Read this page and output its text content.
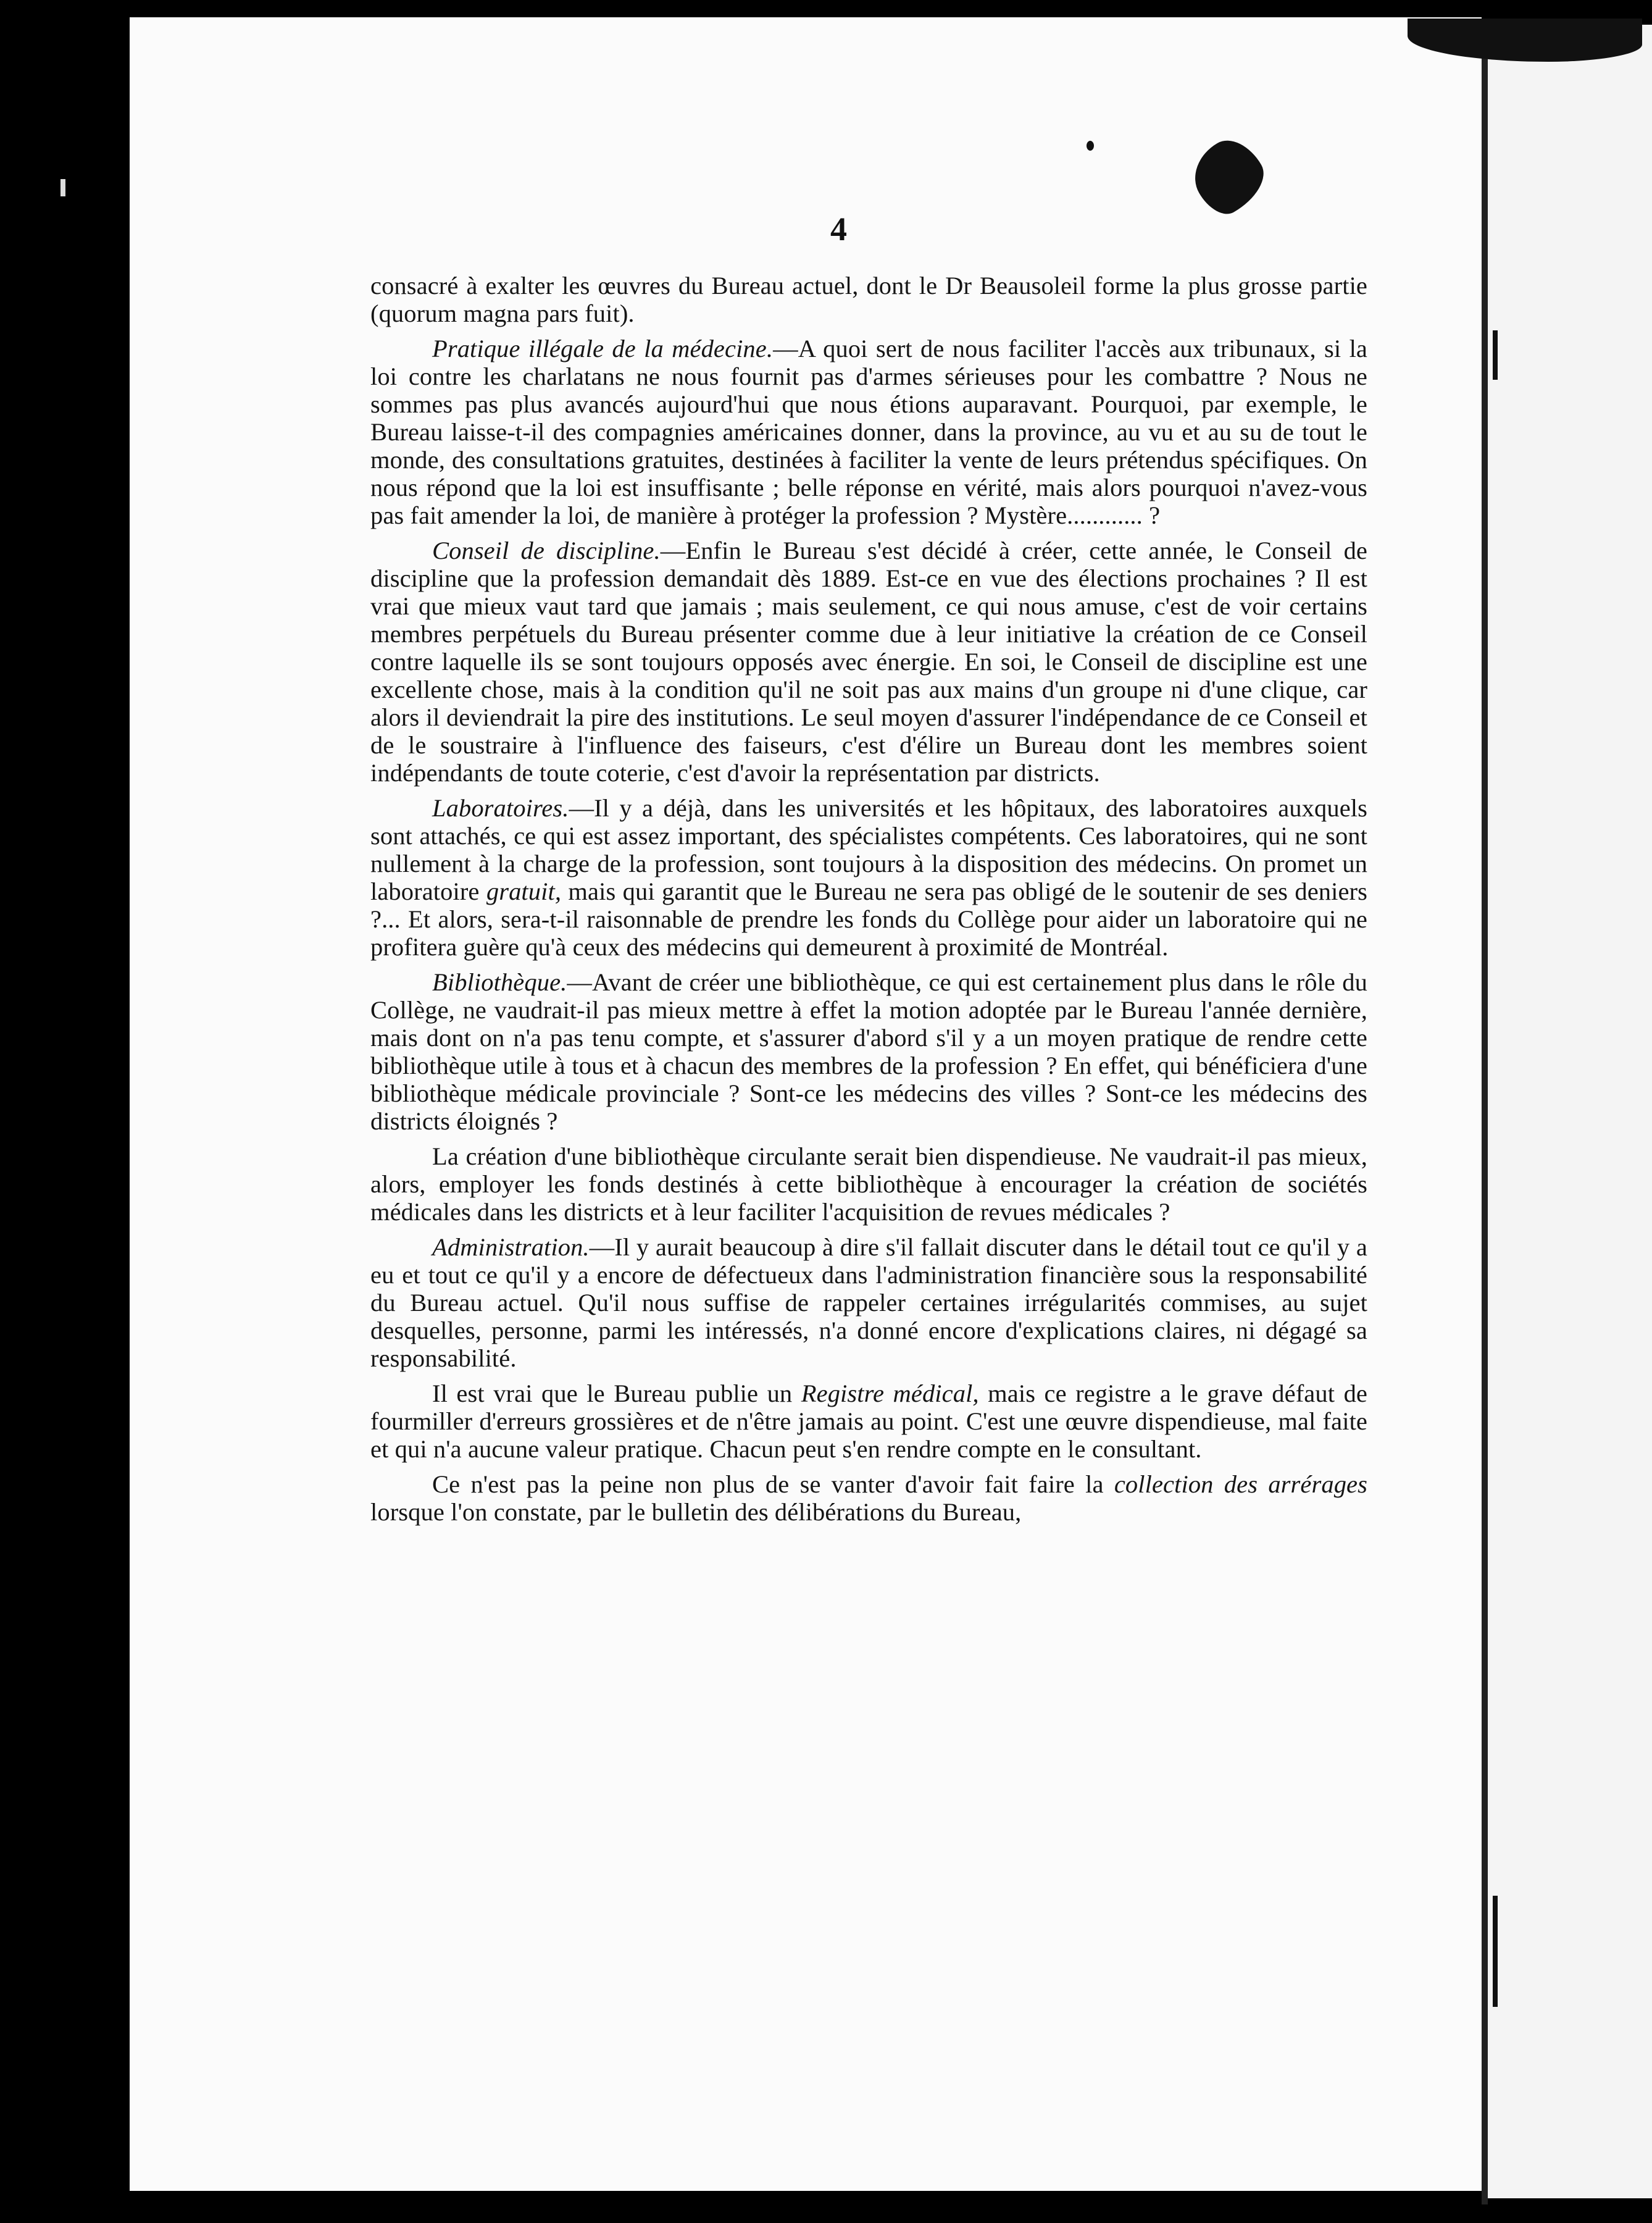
4

consacré à exalter les œuvres du Bureau actuel, dont le Dr Beausoleil forme la plus grosse partie (quorum magna pars fuit).

Pratique illégale de la médecine.—A quoi sert de nous faciliter l'accès aux tribunaux, si la loi contre les charlatans ne nous fournit pas d'armes sérieuses pour les combattre ? Nous ne sommes pas plus avancés aujourd'hui que nous étions auparavant. Pourquoi, par exemple, le Bureau laisse-t-il des compagnies américaines donner, dans la province, au vu et au su de tout le monde, des consultations gratuites, destinées à faciliter la vente de leurs prétendus spécifiques. On nous répond que la loi est insuffisante ; belle réponse en vérité, mais alors pourquoi n'avez-vous pas fait amender la loi, de manière à protéger la profession ? Mystère............ ?

Conseil de discipline.—Enfin le Bureau s'est décidé à créer, cette année, le Conseil de discipline que la profession demandait dès 1889. Est-ce en vue des élections prochaines ? Il est vrai que mieux vaut tard que jamais ; mais seulement, ce qui nous amuse, c'est de voir certains membres perpétuels du Bureau présenter comme due à leur initiative la création de ce Conseil contre laquelle ils se sont toujours opposés avec énergie. En soi, le Conseil de discipline est une excellente chose, mais à la condition qu'il ne soit pas aux mains d'un groupe ni d'une clique, car alors il deviendrait la pire des institutions. Le seul moyen d'assurer l'indépendance de ce Conseil et de le soustraire à l'influence des faiseurs, c'est d'élire un Bureau dont les membres soient indépendants de toute coterie, c'est d'avoir la représentation par districts.

Laboratoires.—Il y a déjà, dans les universités et les hôpitaux, des laboratoires auxquels sont attachés, ce qui est assez important, des spécialistes compétents. Ces laboratoires, qui ne sont nullement à la charge de la profession, sont toujours à la disposition des médecins. On promet un laboratoire gratuit, mais qui garantit que le Bureau ne sera pas obligé de le soutenir de ses deniers ?... Et alors, sera-t-il raisonnable de prendre les fonds du Collège pour aider un laboratoire qui ne profitera guère qu'à ceux des médecins qui demeurent à proximité de Montréal.

Bibliothèque.—Avant de créer une bibliothèque, ce qui est certainement plus dans le rôle du Collège, ne vaudrait-il pas mieux mettre à effet la motion adoptée par le Bureau l'année dernière, mais dont on n'a pas tenu compte, et s'assurer d'abord s'il y a un moyen pratique de rendre cette bibliothèque utile à tous et à chacun des membres de la profession ? En effet, qui bénéficiera d'une bibliothèque médicale provinciale ? Sont-ce les médecins des villes ? Sont-ce les médecins des districts éloignés ?

La création d'une bibliothèque circulante serait bien dispendieuse. Ne vaudrait-il pas mieux, alors, employer les fonds destinés à cette bibliothèque à encourager la création de sociétés médicales dans les districts et à leur faciliter l'acquisition de revues médicales ?

Administration.—Il y aurait beaucoup à dire s'il fallait discuter dans le détail tout ce qu'il y a eu et tout ce qu'il y a encore de défectueux dans l'administration financière sous la responsabilité du Bureau actuel. Qu'il nous suffise de rappeler certaines irrégularités commises, au sujet desquelles, personne, parmi les intéressés, n'a donné encore d'explications claires, ni dégagé sa responsabilité.

Il est vrai que le Bureau publie un Registre médical, mais ce registre a le grave défaut de fourmiller d'erreurs grossières et de n'être jamais au point. C'est une œuvre dispendieuse, mal faite et qui n'a aucune valeur pratique. Chacun peut s'en rendre compte en le consultant.

Ce n'est pas la peine non plus de se vanter d'avoir fait faire la collection des arrérages lorsque l'on constate, par le bulletin des délibérations du Bureau,
